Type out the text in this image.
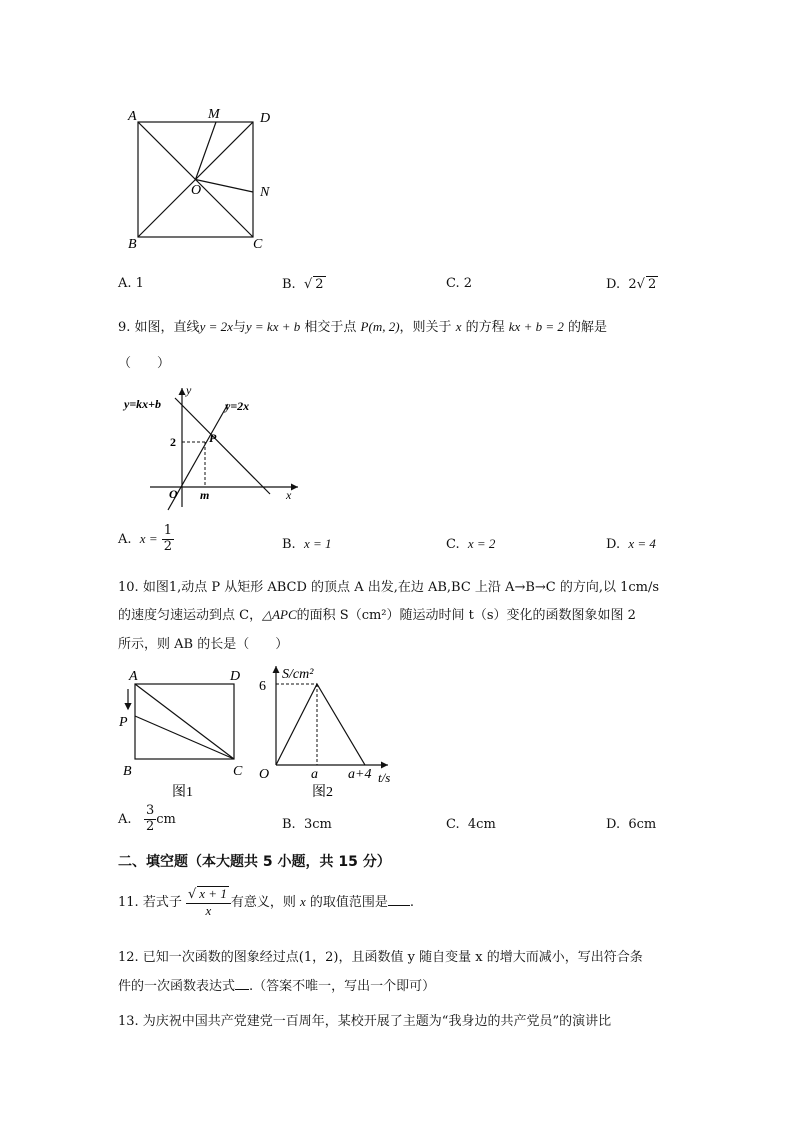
A	M	D
O	N
B	C
A. 1	B. √ 2	C. 2	D. 2√ 2
9. 如图，直线y = 2x与y = kx + b 相交于点 P(m, 2)，则关于 x 的方程 kx + b = 2 的解是
（　　）
y=kx+b	y=2x
y
x
O
2
m
P
A. $x = \frac{1}{2}$	B. x = 1	C. x = 2	D. x = 4
10. 如图1,动点 P 从矩形 ABCD 的顶点 A 出发,在边 AB,BC 上沿 A→B→C 的方向,以 1cm/s
的速度匀速运动到点 C，△APC的面积 S（cm²）随运动时间 t（s）变化的函数图象如图 2
所示，则 AB 的长是（　　）
A	D
P
B	C
图1
S/cm²
6
O	a a+4 t/s
图2
A. $\frac{3}{2}$ cm	B. 3cm	C. 4cm	D. 6cm
二、填空题（本大题共 5 小题，共 15 分）
11. 若式子 $\frac{√ x + 1}{x}$ 有意义，则 x 的取值范围是 .
12. 已知一次函数的图象经过点(1，2)，且函数值 y 随自变量 x 的增大而减小，写出符合条
件的一次函数表达式 .（答案不唯一，写出一个即可）
13. 为庆祝中国共产党建党一百周年，某校开展了主题为“我身边的共产党员”的演讲比
